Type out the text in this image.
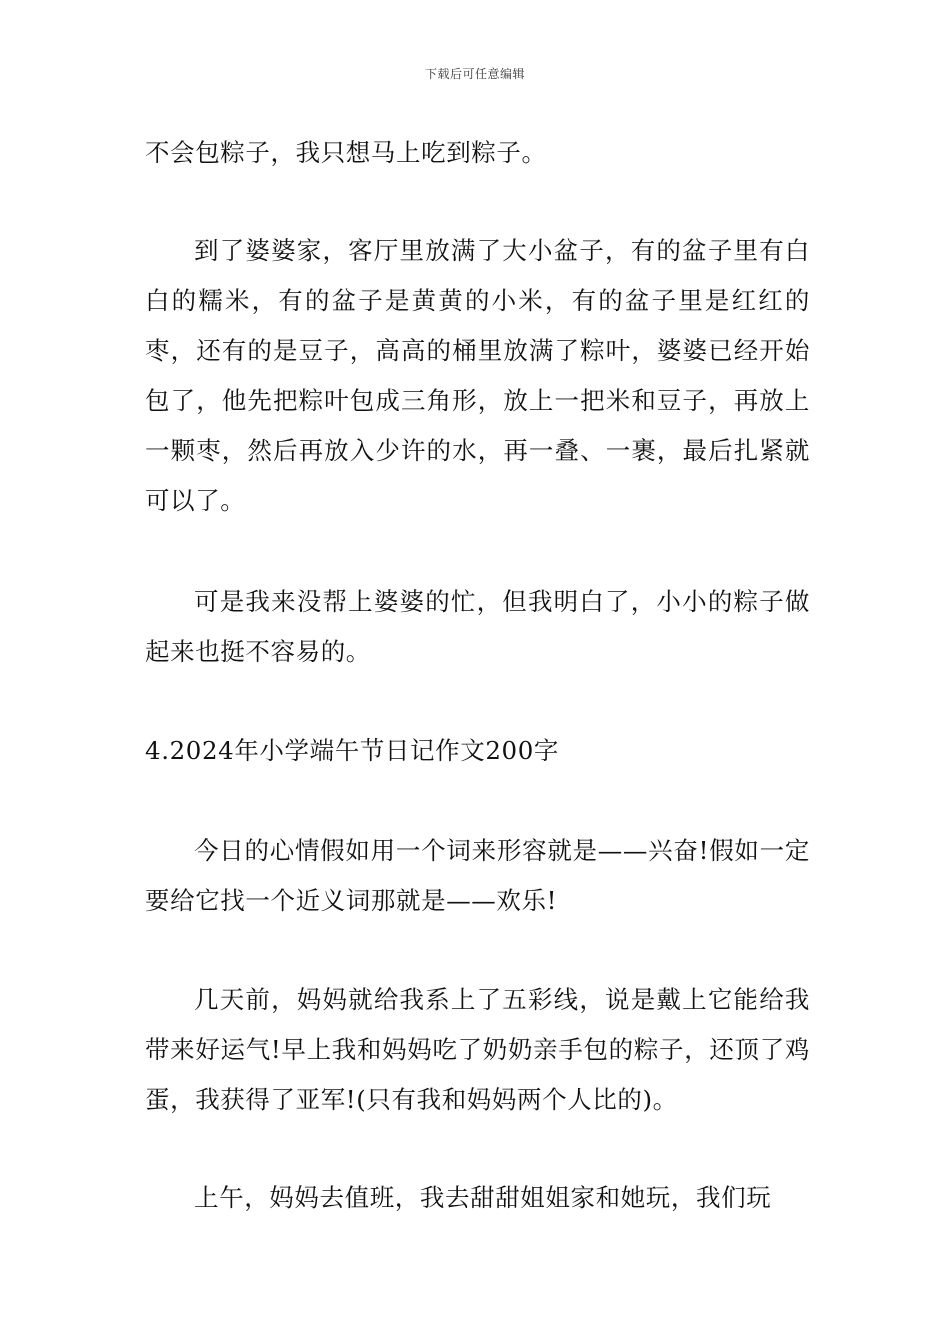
下载后可任意编辑

不会包粽子，我只想马上吃到粽子。

到了婆婆家，客厅里放满了大小盆子，有的盆子里有白白的糯米，有的盆子是黄黄的小米，有的盆子里是红红的枣，还有的是豆子，高高的桶里放满了粽叶，婆婆已经开始包了，他先把粽叶包成三角形，放上一把米和豆子，再放上一颗枣，然后再放入少许的水，再一叠、一裹，最后扎紧就可以了。

可是我来没帮上婆婆的忙，但我明白了，小小的粽子做起来也挺不容易的。

4.2024年小学端午节日记作文200字

今日的心情假如用一个词来形容就是——兴奋!假如一定要给它找一个近义词那就是——欢乐!

几天前，妈妈就给我系上了五彩线，说是戴上它能给我带来好运气!早上我和妈妈吃了奶奶亲手包的粽子，还顶了鸡蛋，我获得了亚军!(只有我和妈妈两个人比的)。

上午，妈妈去值班，我去甜甜姐姐家和她玩，我们玩
